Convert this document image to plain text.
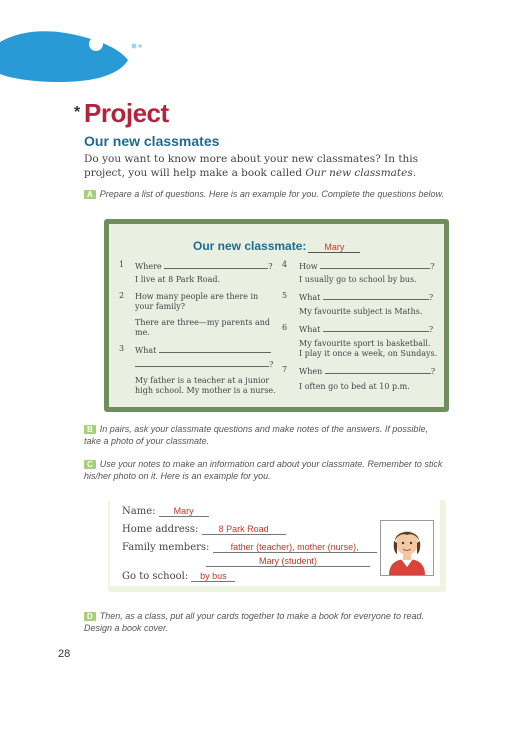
* Project
Our new classmates
Do you want to know more about your new classmates? In this project, you will help make a book called Our new classmates.
A Prepare a list of questions. Here is an example for you. Complete the questions below.
Our new classmate: Mary
1 Where	?
I live at 8 Park Road.
2 How many people are there in
your family?
There are three—my parents and
me.
3 What
?
My father is a teacher at a junior
high school. My mother is a nurse.
4 How	?
I usually go to school by bus.
5 What	?
My favourite subject is Maths.
6 What	?
My favourite sport is basketball.
I play it once a week, on Sundays.
7 When	?
I often go to bed at 10 p.m.
B In pairs, ask your classmate questions and make notes of the answers. If possible, take a photo of your classmate.
C Use your notes to make an information card about your classmate. Remember to stick his/her photo on it. Here is an example for you.
Name: Mary
Home address: 8 Park Road
Family members: father (teacher), mother (nurse),
Mary (student)
Go to school: by bus
D Then, as a class, put all your cards together to make a book for everyone to read. Design a book cover.
28
